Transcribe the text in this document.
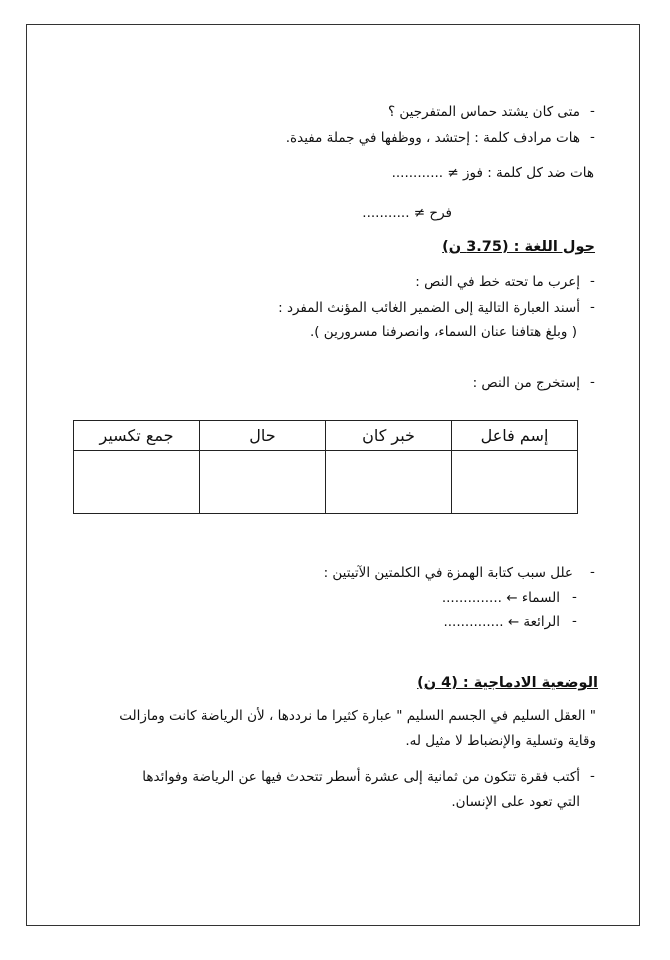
-
متى كان يشتد حماس المتفرجين ؟
-
هات مرادف كلمة : إحتشد ، ووظفها في جملة مفيدة.
هات ضد كل كلمة : فوز ≠ ............
فرح ≠ ...........
حول اللغة : (3.75 ن)
-
إعرب ما تحته خط في النص :
-
أسند العبارة التالية إلى الضمير الغائب المؤنث المفرد :
( وبلغ هتافنا عنان السماء، وانصرفنا مسرورين ).
-
إستخرج من النص :
إسم فاعل	خبر كان	حال	جمع تكسير

-
علل سبب كتابة الهمزة في الكلمتين الآتيتين :
-
السماء ← ..............
-
الرائعة ← ..............
الوضعية الادماجية : (4 ن)
" العقل السليم في الجسم السليم " عبارة كثيرا ما نرددها ، لأن الرياضة كانت ومازالت
وقاية وتسلية والإنضباط لا مثيل له.
-
أكتب فقرة تتكون من ثمانية إلى عشرة أسطر تتحدث فيها عن الرياضة وفوائدها
التي تعود على الإنسان.
